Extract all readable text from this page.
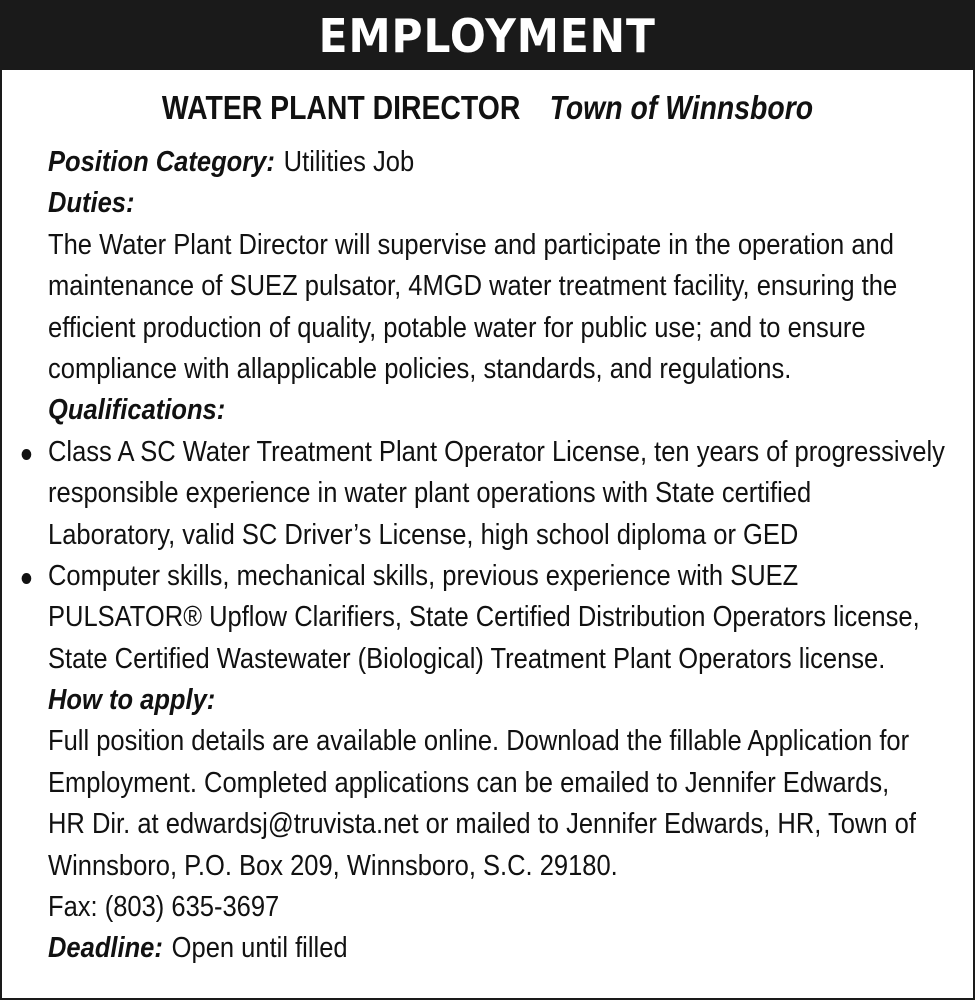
EMPLOYMENT
WATER PLANT DIRECTOR Town of Winnsboro
Position Category: Utilities Job
Duties:
The Water Plant Director will supervise and participate in the operation and
maintenance of SUEZ pulsator, 4MGD water treatment facility, ensuring the
efficient production of quality, potable water for public use; and to ensure
compliance with allapplicable policies, standards, and regulations.
Qualifications:
Class A SC Water Treatment Plant Operator License, ten years of progressively
responsible experience in water plant operations with State certified
Laboratory, valid SC Driver’s License, high school diploma or GED
Computer skills, mechanical skills, previous experience with SUEZ
PULSATOR® Upflow Clarifiers, State Certified Distribution Operators license,
State Certified Wastewater (Biological) Treatment Plant Operators license.
How to apply:
Full position details are available online. Download the fillable Application for
Employment. Completed applications can be emailed to Jennifer Edwards,
HR Dir. at edwardsj@truvista.net or mailed to Jennifer Edwards, HR, Town of
Winnsboro, P.O. Box 209, Winnsboro, S.C. 29180.
Fax: (803) 635-3697
Deadline: Open until filled
